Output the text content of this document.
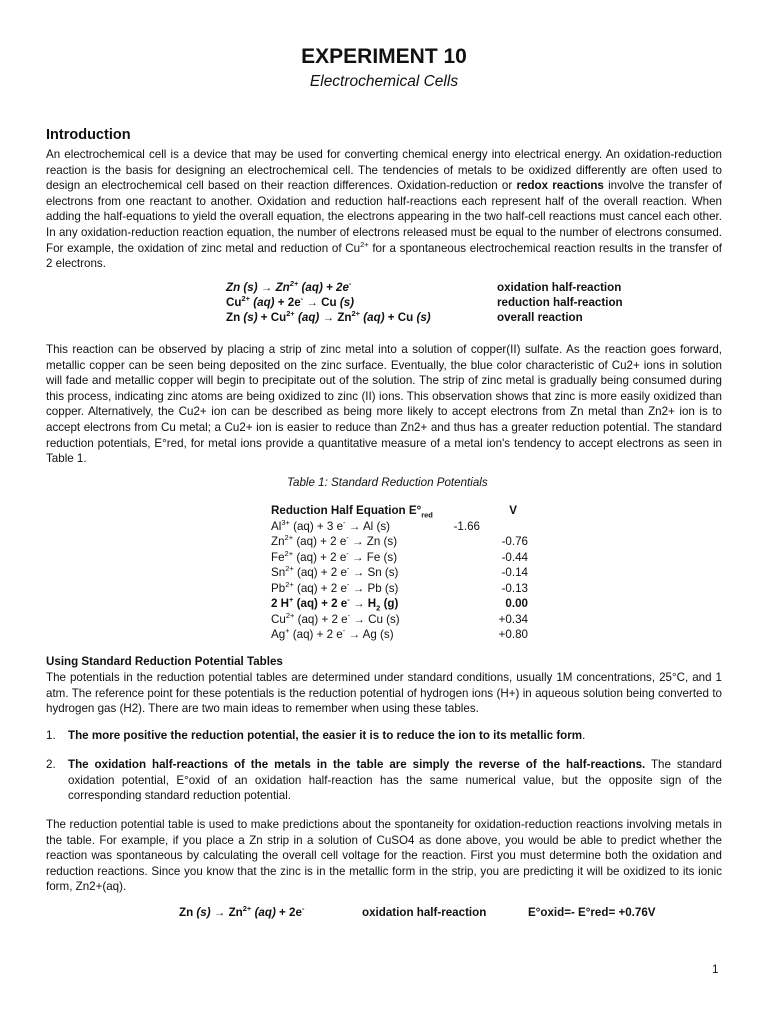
EXPERIMENT 10
Electrochemical Cells
Introduction

An electrochemical cell is a device that may be used for converting chemical energy into electrical energy. An oxidation-reduction reaction is the basis for designing an electrochemical cell. The tendencies of metals to be oxidized differently are often used to design an electrochemical cell based on their reaction differences. Oxidation-reduction or redox reactions involve the transfer of electrons from one reactant to another. Oxidation and reduction half-reactions each represent half of the overall reaction. When adding the half-equations to yield the overall equation, the electrons appearing in the two half-cell reactions must cancel each other. In any oxidation-reduction reaction equation, the number of electrons released must be equal to the number of electrons consumed. For example, the oxidation of zinc metal and reduction of $Cu^{2+}$ for a spontaneous electrochemical reaction results in the transfer of 2 electrons.

Zn $(s) \to Zn^{2+}$ (aq) + 2e-	oxidation half-reaction
$Cu^{2+}$ (aq) + 2e- → Cu (s)	reduction half-reaction
Zn $(s) + Cu^{2+}$ $(aq) \to Zn^{2+}$ (aq) + Cu (s)	overall reaction

This reaction can be observed by placing a strip of zinc metal into a solution of copper(II) sulfate. As the reaction goes forward, metallic copper can be seen being deposited on the zinc surface. Eventually, the blue color characteristic of Cu2+ ions in solution will fade and metallic copper will begin to precipitate out of the solution. The strip of zinc metal is gradually being consumed during this process, indicating zinc atoms are being oxidized to zinc (II) ions. This observation shows that zinc is more easily oxidized than copper. Alternatively, the Cu2+ ion can be described as being more likely to accept electrons from Zn metal than Zn2+ ion is to accept electrons from Cu metal; a Cu2+ ion is easier to reduce than Zn2+ and thus has a greater reduction potential. The standard reduction potentials, E°red, for metal ions provide a quantitative measure of a metal ion's tendency to accept electrons as seen in Table 1.

Table 1: Standard Reduction Potentials
Reduction Half Equation $E^\circ_{red}$	V
$Al^{3+}$ (aq) + 3 e- → Al (s)	-1.66
$Zn^{2+}$ (aq) + 2 e- → Zn (s)	-0.76
$Fe^{2+}$ (aq) + 2 e- → Fe (s)	-0.44
$Sn^{2+}$ (aq) + 2 e- → Sn (s)	-0.14
$Pb^{2+}$ (aq) + 2 e- → Pb (s)	-0.13
2 H+ (aq) + 2 $e^- \to H_2$ (g)	0.00
$Cu^{2+}$ (aq) + 2 e- → Cu (s)	+0.34
Ag+ (aq) + 2 e- → Ag (s)	+0.80
Using Standard Reduction Potential Tables

The potentials in the reduction potential tables are determined under standard conditions, usually 1M concentrations, 25°C, and 1 atm. The reference point for these potentials is the reduction potential of hydrogen ions (H+) in aqueous solution being converted to hydrogen gas (H2). There are two main ideas to remember when using these tables.

1. The more positive the reduction potential, the easier it is to reduce the ion to its metallic form.
2. The oxidation half-reactions of the metals in the table are simply the reverse of the half-reactions. The standard oxidation potential, E°oxid of an oxidation half-reaction has the same numerical value, but the opposite sign of the corresponding standard reduction potential.

The reduction potential table is used to make predictions about the spontaneity for oxidation-reduction reactions involving metals in the table. For example, if you place a Zn strip in a solution of CuSO4 as done above, you would be able to predict whether the reaction was spontaneous by calculating the overall cell voltage for the reaction. First you must determine both the oxidation and reduction reactions. Since you know that the zinc is in the metallic form in the strip, you are predicting it will be oxidized to its ionic form, Zn2+(aq).

Zn $(s) \to Zn^{2+}$ (aq) + 2e-	oxidation half-reaction	E°oxid=- E°red= +0.76V
1
